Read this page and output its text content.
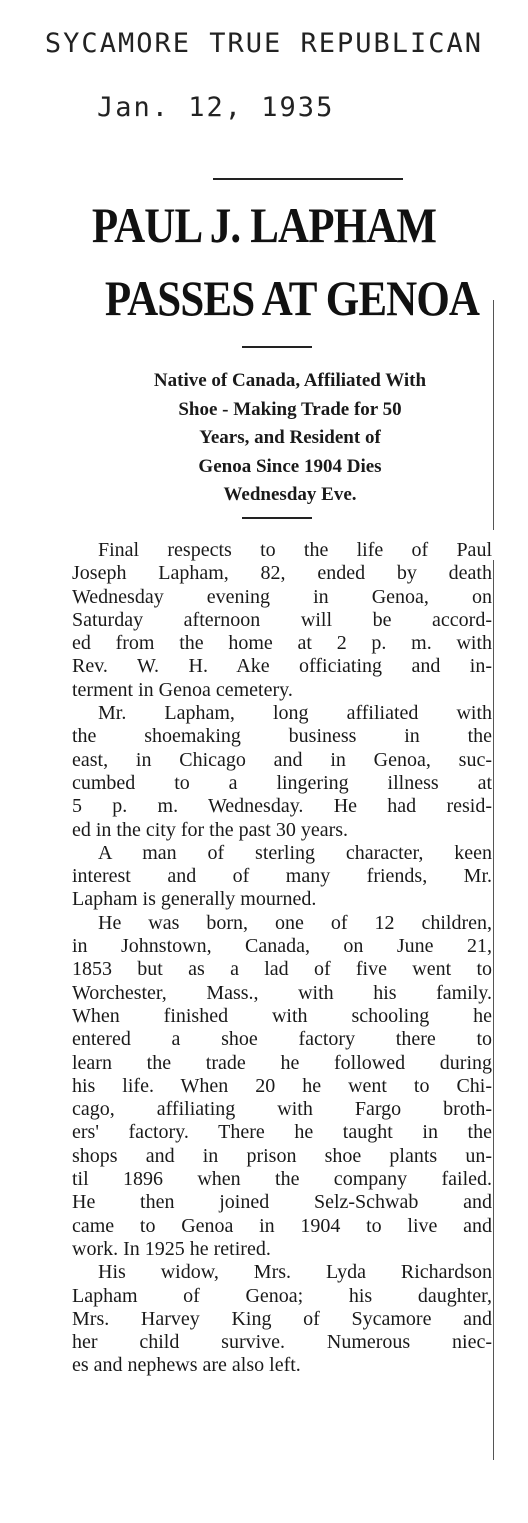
SYCAMORE TRUE REPUBLICAN
Jan. 12, 1935
PAUL J. LAPHAM
PASSES AT GENOA
Native of Canada, Affiliated With
Shoe - Making Trade for 50
Years, and Resident of
Genoa Since 1904 Dies
Wednesday Eve.
Final respects to the life of Paul
Joseph Lapham, 82, ended by death
Wednesday evening in Genoa, on
Saturday afternoon will be accord-
ed from the home at 2 p. m. with
Rev. W. H. Ake officiating and in-
terment in Genoa cemetery.
Mr. Lapham, long affiliated with
the shoemaking business in the
east, in Chicago and in Genoa, suc-
cumbed to a lingering illness at
5 p. m. Wednesday. He had resid-
ed in the city for the past 30 years.
A man of sterling character, keen
interest and of many friends, Mr.
Lapham is generally mourned.
He was born, one of 12 children,
in Johnstown, Canada, on June 21,
1853 but as a lad of five went to
Worchester, Mass., with his family.
When finished with schooling he
entered a shoe factory there to
learn the trade he followed during
his life. When 20 he went to Chi-
cago, affiliating with Fargo broth-
ers' factory. There he taught in the
shops and in prison shoe plants un-
til 1896 when the company failed.
He then joined Selz-Schwab and
came to Genoa in 1904 to live and
work. In 1925 he retired.
His widow, Mrs. Lyda Richardson
Lapham of Genoa; his daughter,
Mrs. Harvey King of Sycamore and
her child survive. Numerous niec-
es and nephews are also left.
